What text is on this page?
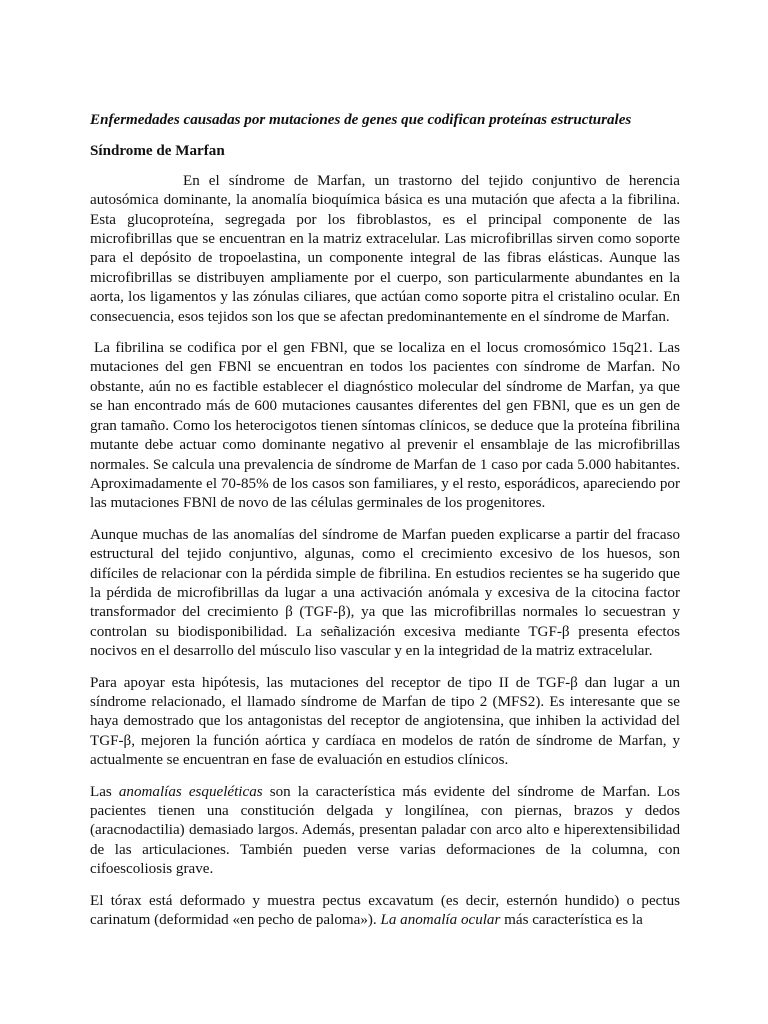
Enfermedades causadas por mutaciones de genes que codifican proteínas estructurales
Síndrome de Marfan

En el síndrome de Marfan, un trastorno del tejido conjuntivo de herencia autosómica dominante, la anomalía bioquímica básica es una mutación que afecta a la fibrilina. Esta glucoproteína, segregada por los fibroblastos, es el principal componente de las microfibrillas que se encuentran en la matriz extracelular. Las microfibrillas sirven como soporte para el depósito de tropoelastina, un componente integral de las fibras elásticas. Aunque las microfibrillas se distribuyen ampliamente por el cuerpo, son particularmente abundantes en la aorta, los ligamentos y las zónulas ciliares, que actúan como soporte pitra el cristalino ocular. En consecuencia, esos tejidos son los que se afectan predominantemente en el síndrome de Marfan.

La fibrilina se codifica por el gen FBNl, que se localiza en el locus cromosómico 15q21. Las mutaciones del gen FBNl se encuentran en todos los pacientes con síndrome de Marfan. No obstante, aún no es factible establecer el diagnóstico molecular del síndrome de Marfan, ya que se han encontrado más de 600 mutaciones causantes diferentes del gen FBNl, que es un gen de gran tamaño. Como los heterocigotos tienen síntomas clínicos, se deduce que la proteína fibrilina mutante debe actuar como dominante negativo al prevenir el ensamblaje de las microfibrillas normales. Se calcula una prevalencia de síndrome de Marfan de 1 caso por cada 5.000 habitantes. Aproximadamente el 70-85% de los casos son familiares, y el resto, esporádicos, apareciendo por las mutaciones FBNl de novo de las células germinales de los progenitores.

Aunque muchas de las anomalías del síndrome de Marfan pueden explicarse a partir del fracaso estructural del tejido conjuntivo, algunas, como el crecimiento excesivo de los huesos, son difíciles de relacionar con la pérdida simple de fibrilina. En estudios recientes se ha sugerido que la pérdida de microfibrillas da lugar a una activación anómala y excesiva de la citocina factor transformador del crecimiento β (TGF-β), ya que las microfibrillas normales lo secuestran y controlan su biodisponibilidad. La señalización excesiva mediante TGF-β presenta efectos nocivos en el desarrollo del músculo liso vascular y en la integridad de la matriz extracelular.

Para apoyar esta hipótesis, las mutaciones del receptor de tipo II de TGF-β dan lugar a un síndrome relacionado, el llamado síndrome de Marfan de tipo 2 (MFS2). Es interesante que se haya demostrado que los antagonistas del receptor de angiotensina, que inhiben la actividad del TGF-β, mejoren la función aórtica y cardíaca en modelos de ratón de síndrome de Marfan, y actualmente se encuentran en fase de evaluación en estudios clínicos.

Las anomalías esqueléticas son la característica más evidente del síndrome de Marfan. Los pacientes tienen una constitución delgada y longilínea, con piernas, brazos y dedos (aracnodactilia) demasiado largos. Además, presentan paladar con arco alto e hiperextensibilidad de las articulaciones. También pueden verse varias deformaciones de la columna, con cifoescoliosis grave.

El tórax está deformado y muestra pectus excavatum (es decir, esternón hundido) o pectus carinatum (deformidad «en pecho de paloma»). La anomalía ocular más característica es la
